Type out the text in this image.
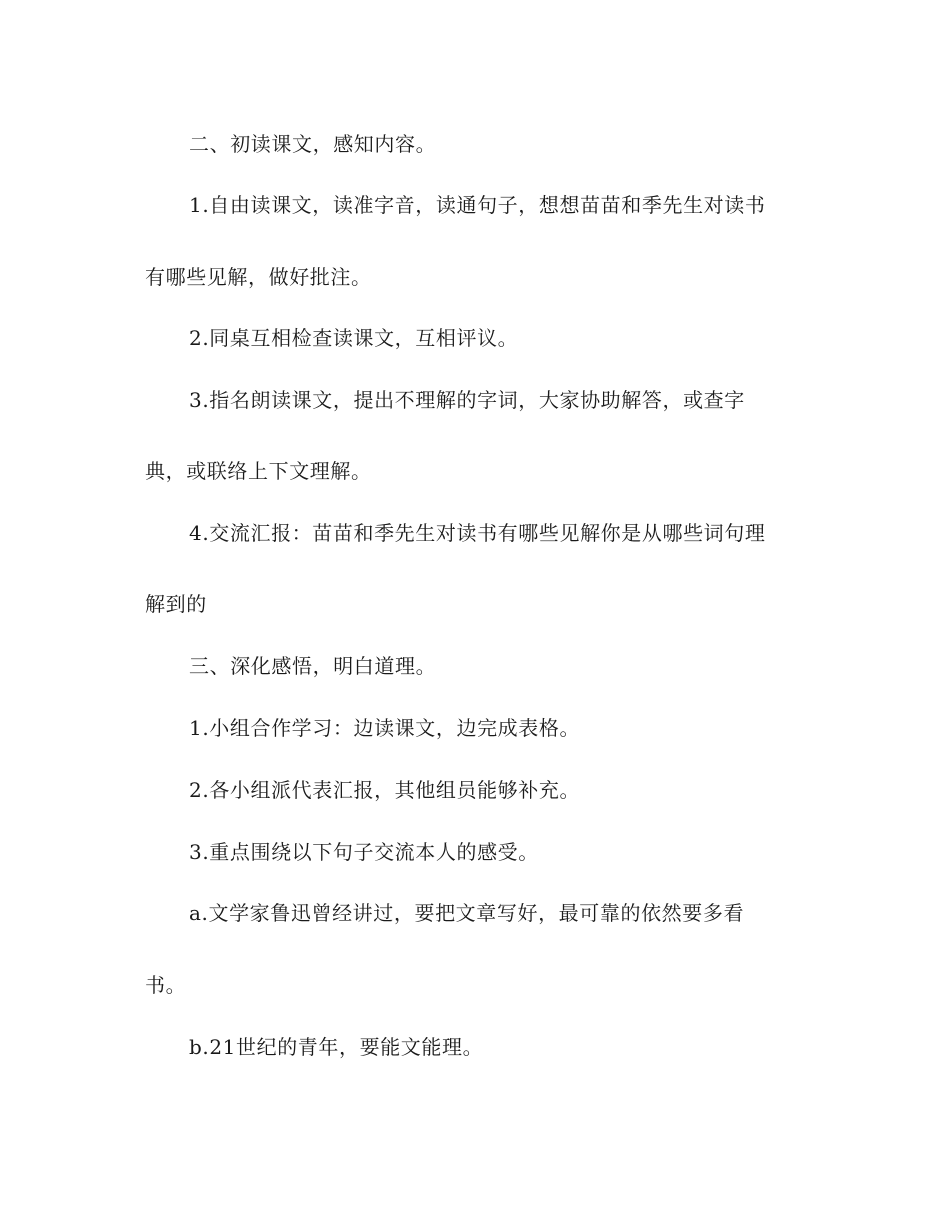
二、初读课文，感知内容。

1.自由读课文，读准字音，读通句子，想想苗苗和季先生对读书

有哪些见解，做好批注。

2.同桌互相检查读课文，互相评议。

3.指名朗读课文，提出不理解的字词，大家协助解答，或查字

典，或联络上下文理解。

4.交流汇报：苗苗和季先生对读书有哪些见解你是从哪些词句理

解到的

三、深化感悟，明白道理。

1.小组合作学习：边读课文，边完成表格。

2.各小组派代表汇报，其他组员能够补充。

3.重点围绕以下句子交流本人的感受。

a.文学家鲁迅曾经讲过，要把文章写好，最可靠的依然要多看

书。

b.21世纪的青年，要能文能理。
